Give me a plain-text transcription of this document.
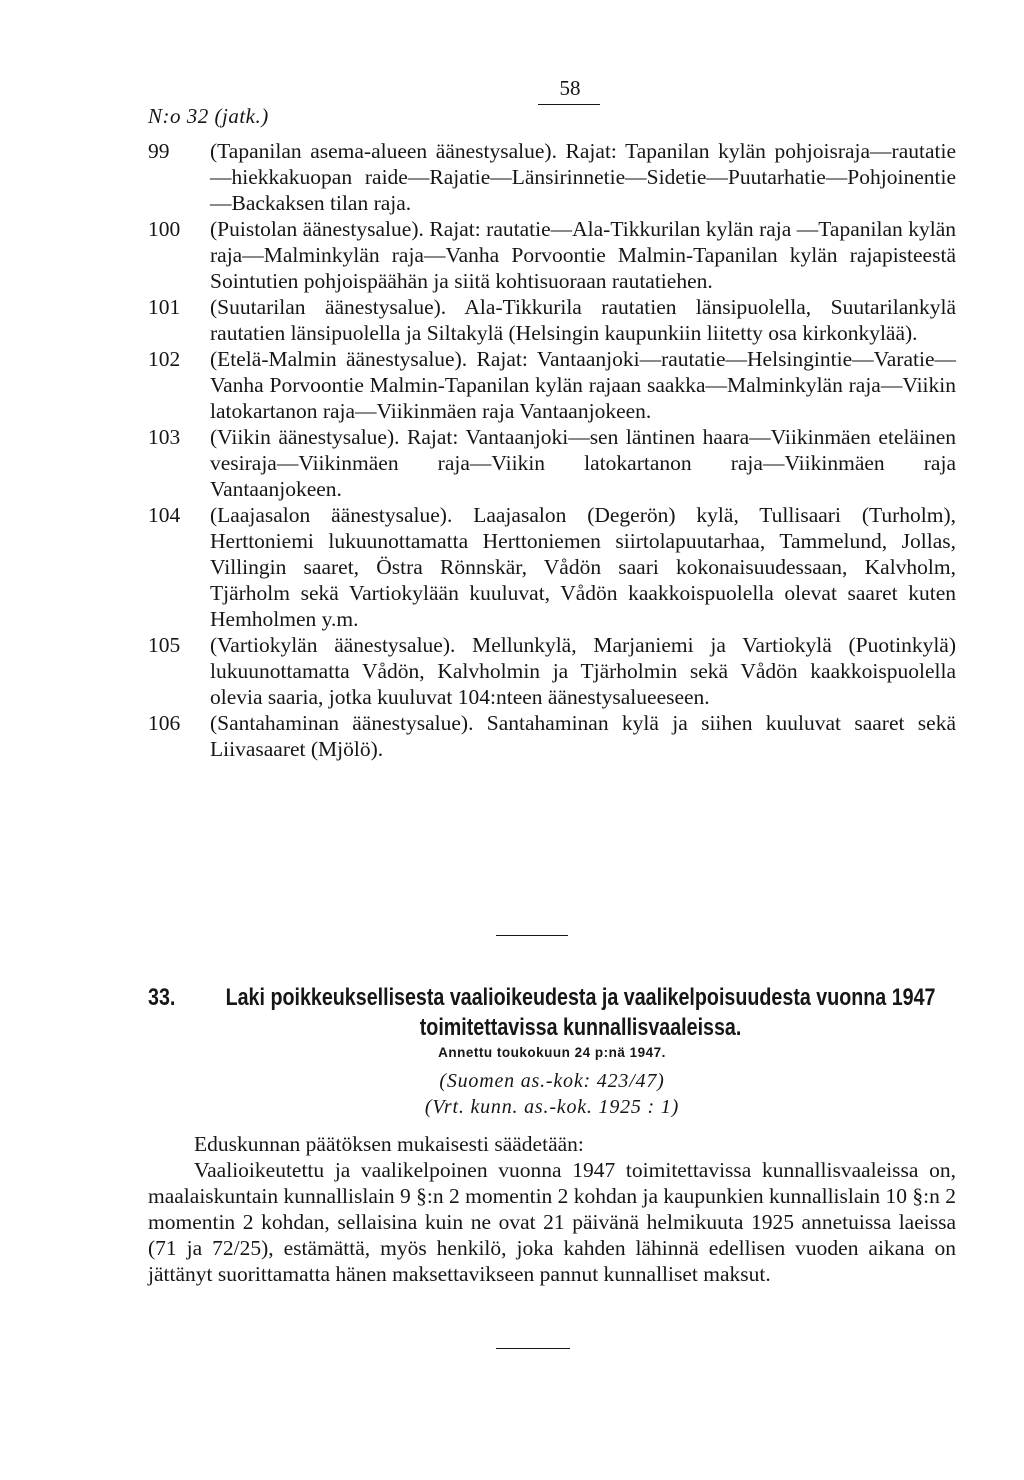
N:o 32 (jatk.)
58
99	(Tapanilan asema-alueen äänestysalue). Rajat: Tapanilan kylän pohjoisraja—rautatie—hiekkakuopan raide—Rajatie—Länsirinnetie—Sidetie—Puutarhatie—Pohjoinentie—Backaksen tilan raja.
100	(Puistolan äänestysalue). Rajat: rautatie—Ala-Tikkurilan kylän raja —Tapanilan kylän raja—Malminkylän raja—Vanha Porvoontie Malmin-Tapanilan kylän rajapisteestä Sointutien pohjoispäähän ja siitä kohtisuoraan rautatiehen.
101	(Suutarilan äänestysalue). Ala-Tikkurila rautatien länsipuolella, Suutarilankylä rautatien länsipuolella ja Siltakylä (Helsingin kaupunkiin liitetty osa kirkonkylää).
102	(Etelä-Malmin äänestysalue). Rajat: Vantaanjoki—rautatie—Helsingintie—Varatie—Vanha Porvoontie Malmin-Tapanilan kylän rajaan saakka—Malminkylän raja—Viikin latokartanon raja—Viikinmäen raja Vantaanjokeen.
103	(Viikin äänestysalue). Rajat: Vantaanjoki—sen läntinen haara—Viikinmäen eteläinen vesiraja—Viikinmäen raja—Viikin latokartanon raja—Viikinmäen raja Vantaanjokeen.
104	(Laajasalon äänestysalue). Laajasalon (Degerön) kylä, Tullisaari (Turholm), Herttoniemi lukuunottamatta Herttoniemen siirtolapuutarhaa, Tammelund, Jollas, Villingin saaret, Östra Rönnskär, Vådön saari kokonaisuudessaan, Kalvholm, Tjärholm sekä Vartiokylään kuuluvat, Vådön kaakkoispuolella olevat saaret kuten Hemholmen y.m.
105	(Vartiokylän äänestysalue). Mellunkylä, Marjaniemi ja Vartiokylä (Puotinkylä) lukuunottamatta Vådön, Kalvholmin ja Tjärholmin sekä Vådön kaakkoispuolella olevia saaria, jotka kuuluvat 104:nteen äänestysalueeseen.
106	(Santahaminan äänestysalue). Santahaminan kylä ja siihen kuuluvat saaret sekä Liivasaaret (Mjölö).
33.	Laki poikkeuksellisesta vaalioikeudesta ja vaalikelpoisuudesta vuonna 1947 toimitettavissa kunnallisvaaleissa.
Annettu toukokuun 24 p:nä 1947.
(Suomen as.-kok: 423/47)
(Vrt. kunn. as.-kok. 1925 : 1)

Eduskunnan päätöksen mukaisesti säädetään:

Vaalioikeutettu ja vaalikelpoinen vuonna 1947 toimitettavissa kunnallisvaaleissa on, maalaiskuntain kunnallislain 9 §:n 2 momentin 2 kohdan ja kaupunkien kunnallislain 10 §:n 2 momentin 2 kohdan, sellaisina kuin ne ovat 21 päivänä helmikuuta 1925 annetuissa laeissa (71 ja 72/25), estämättä, myös henkilö, joka kahden lähinnä edellisen vuoden aikana on jättänyt suorittamatta hänen maksettavikseen pannut kunnalliset maksut.
